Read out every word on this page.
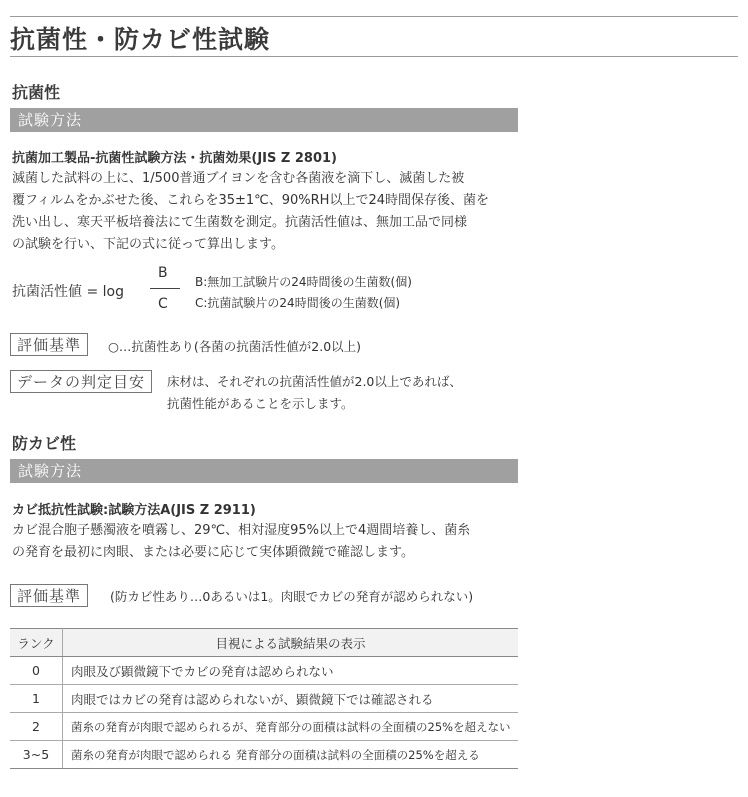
抗菌性・防カビ性試験
抗菌性
試験方法
抗菌加工製品-抗菌性試験方法・抗菌効果(JIS Z 2801)
滅菌した試料の上に、1/500普通ブイヨンを含む各菌液を滴下し、滅菌した被
覆フィルムをかぶせた後、これらを35±1℃、90%RH以上で24時間保存後、菌を
洗い出し、寒天平板培養法にて生菌数を測定。抗菌活性値は、無加工品で同様
の試験を行い、下記の式に従って算出します。
抗菌活性値 = log
B
C
B:無加工試験片の24時間後の生菌数(個)
C:抗菌試験片の24時間後の生菌数(個)
評価基準	○…抗菌性あり(各菌の抗菌活性値が2.0以上)
データの判定目安	床材は、それぞれの抗菌活性値が2.0以上であれば、
抗菌性能があることを示します。
防カビ性
試験方法
カビ抵抗性試験:試験方法A(JIS Z 2911)
カビ混合胞子懸濁液を噴霧し、29℃、相対湿度95%以上で4週間培養し、菌糸
の発育を最初に肉眼、または必要に応じて実体顕微鏡で確認します。
評価基準	(防カビ性あり…0あるいは1。肉眼でカビの発育が認められない)
ランク	目視による試験結果の表示
0	肉眼及び顕微鏡下でカビの発育は認められない
1	肉眼ではカビの発育は認められないが、顕微鏡下では確認される
2	菌糸の発育が肉眼で認められるが、発育部分の面積は試料の全面積の25%を超えない
3~5	菌糸の発育が肉眼で認められる 発育部分の面積は試料の全面積の25%を超える
